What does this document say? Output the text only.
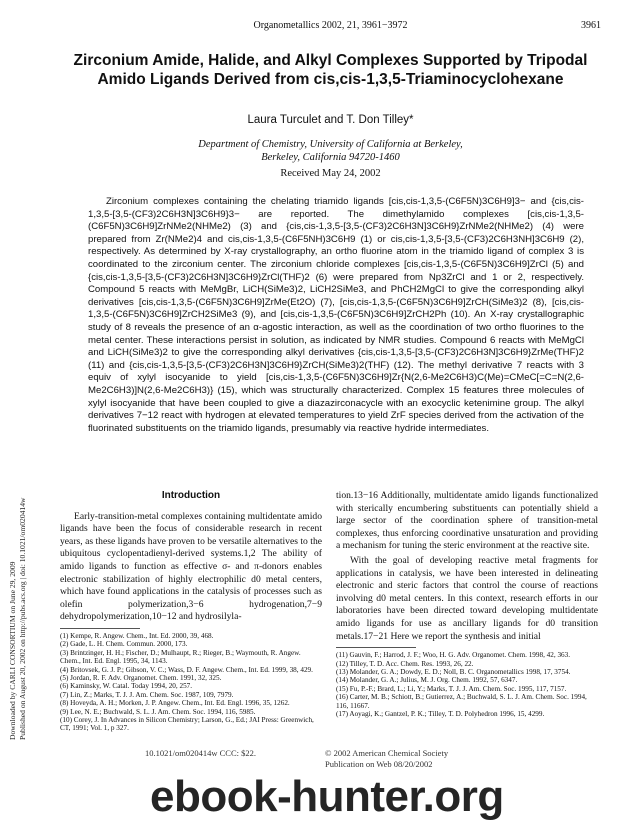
Organometallics 2002, 21, 3961−3972	3961
Zirconium Amide, Halide, and Alkyl Complexes Supported by Tripodal Amido Ligands Derived from cis,cis-1,3,5-Triaminocyclohexane
Laura Turculet and T. Don Tilley*
Department of Chemistry, University of California at Berkeley,
Berkeley, California 94720-1460
Received May 24, 2002
Zirconium complexes containing the chelating triamido ligands [cis,cis-1,3,5-(C6F5N)3C6H9]3− and {cis,cis-1,3,5-[3,5-(CF3)2C6H3N]3C6H9}3− are reported. The dimethylamido complexes [cis,cis-1,3,5-(C6F5N)3C6H9]ZrNMe2(NHMe2) (3) and {cis,cis-1,3,5-[3,5-(CF3)2C6H3N]3C6H9}ZrNMe2(NHMe2) (4) were prepared from Zr(NMe2)4 and cis,cis-1,3,5-(C6F5NH)3C6H9 (1) or cis,cis-1,3,5-[3,5-(CF3)2C6H3NH]3C6H9 (2), respectively. As determined by X-ray crystallography, an ortho fluorine atom in the triamido ligand of complex 3 is coordinated to the zirconium center. The zirconium chloride complexes [cis,cis-1,3,5-(C6F5N)3C6H9]ZrCl (5) and {cis,cis-1,3,5-[3,5-(CF3)2C6H3N]3C6H9}ZrCl(THF)2 (6) were prepared from Np3ZrCl and 1 or 2, respectively. Compound 5 reacts with MeMgBr, LiCH(SiMe3)2, LiCH2SiMe3, and PhCH2MgCl to give the corresponding alkyl derivatives [cis,cis-1,3,5-(C6F5N)3C6H9]ZrMe(Et2O) (7), [cis,cis-1,3,5-(C6F5N)3C6H9]ZrCH(SiMe3)2 (8), [cis,cis-1,3,5-(C6F5N)3C6H9]ZrCH2SiMe3 (9), and [cis,cis-1,3,5-(C6F5N)3C6H9]ZrCH2Ph (10). An X-ray crystallographic study of 8 reveals the presence of an α-agostic interaction, as well as the coordination of two ortho fluorines to the metal center. These interactions persist in solution, as indicated by NMR studies. Compound 6 reacts with MeMgCl and LiCH(SiMe3)2 to give the corresponding alkyl derivatives {cis,cis-1,3,5-[3,5-(CF3)2C6H3N]3C6H9}ZrMe(THF)2 (11) and {cis,cis-1,3,5-[3,5-(CF3)2C6H3N]3C6H9}ZrCH(SiMe3)2(THF) (12). The methyl derivative 7 reacts with 3 equiv of xylyl isocyanide to yield [cis,cis-1,3,5-(C6F5N)3C6H9]Zr{N(2,6-Me2C6H3)C(Me)=CMeC[=C=N(2,6-Me2C6H3)]N(2,6-Me2C6H3)} (15), which was structurally characterized. Complex 15 features three molecules of xylyl isocyanide that have been coupled to give a diazazirconacycle with an exocyclic ketenimine group. The alkyl derivatives 7−12 react with hydrogen at elevated temperatures to yield ZrF species derived from the activation of the fluorinated substituents on the triamido ligands, presumably via reactive hydride intermediates.
Introduction

Early-transition-metal complexes containing multidentate amido ligands have been the focus of considerable research in recent years, as these ligands have proven to be versatile alternatives to the ubiquitous cyclopentadienyl-derived systems.1,2 The ability of amido ligands to function as effective σ- and π-donors enables electronic stabilization of highly electrophilic d0 metal centers, which have found applications in the catalysis of processes such as olefin polymerization,3−6 hydrogenation,7−9 dehydropolymerization,10−12 and hydrosilyla-

(1) Kempe, R. Angew. Chem., Int. Ed. 2000, 39, 468.

(2) Gade, L. H. Chem. Commun. 2000, 173.

(3) Brintzinger, H. H.; Fischer, D.; Mulhaupt, R.; Rieger, B.; Waymouth, R. Angew. Chem., Int. Ed. Engl. 1995, 34, 1143.

(4) Britovsek, G. J. P.; Gibson, V. C.; Wass, D. F. Angew. Chem., Int. Ed. 1999, 38, 429.

(5) Jordan, R. F. Adv. Organomet. Chem. 1991, 32, 325.

(6) Kaminsky, W. Catal. Today 1994, 20, 257.

(7) Lin, Z.; Marks, T. J. J. Am. Chem. Soc. 1987, 109, 7979.

(8) Hoveyda, A. H.; Morken, J. P. Angew. Chem., Int. Ed. Engl. 1996, 35, 1262.

(9) Lee, N. E.; Buchwald, S. L. J. Am. Chem. Soc. 1994, 116, 5985.

(10) Corey, J. In Advances in Silicon Chemistry; Larson, G., Ed.; JAI Press: Greenwich, CT, 1991; Vol. 1, p 327.

tion.13−16 Additionally, multidentate amido ligands functionalized with sterically encumbering substituents can potentially shield a large sector of the coordination sphere of transition-metal complexes, thus enforcing coordinative unsaturation and providing a mechanism for tuning the steric environment at the reactive site.

With the goal of developing reactive metal fragments for applications in catalysis, we have been interested in delineating electronic and steric factors that control the course of reactions involving d0 metal centers. In this context, research efforts in our laboratories have been directed toward developing multidentate amido ligands for use as ancillary ligands for d0 transition metals.17−21 Here we report the synthesis and initial

(11) Gauvin, F.; Harrod, J. F.; Woo, H. G. Adv. Organomet. Chem. 1998, 42, 363.

(12) Tilley, T. D. Acc. Chem. Res. 1993, 26, 22.

(13) Molander, G. A.; Dowdy, E. D.; Noll, B. C. Organometallics 1998, 17, 3754.

(14) Molander, G. A.; Julius, M. J. Org. Chem. 1992, 57, 6347.

(15) Fu, P.-F.; Brard, L.; Li, Y.; Marks, T. J. J. Am. Chem. Soc. 1995, 117, 7157.

(16) Carter, M. B.; Schiott, B.; Gutierrez, A.; Buchwald, S. L. J. Am. Chem. Soc. 1994, 116, 11667.

(17) Aoyagi, K.; Gantzel, P. K.; Tilley, T. D. Polyhedron 1996, 15, 4299.

10.1021/om020414w CCC: $22.	© 2002 American Chemical Society
Publication on Web 08/20/2002
Downloaded by CARLI CONSORTIUM on June 29, 2009 Published on August 20, 2002 on http://pubs.acs.org | doi: 10.1021/om020414w
ebook-hunter.org
